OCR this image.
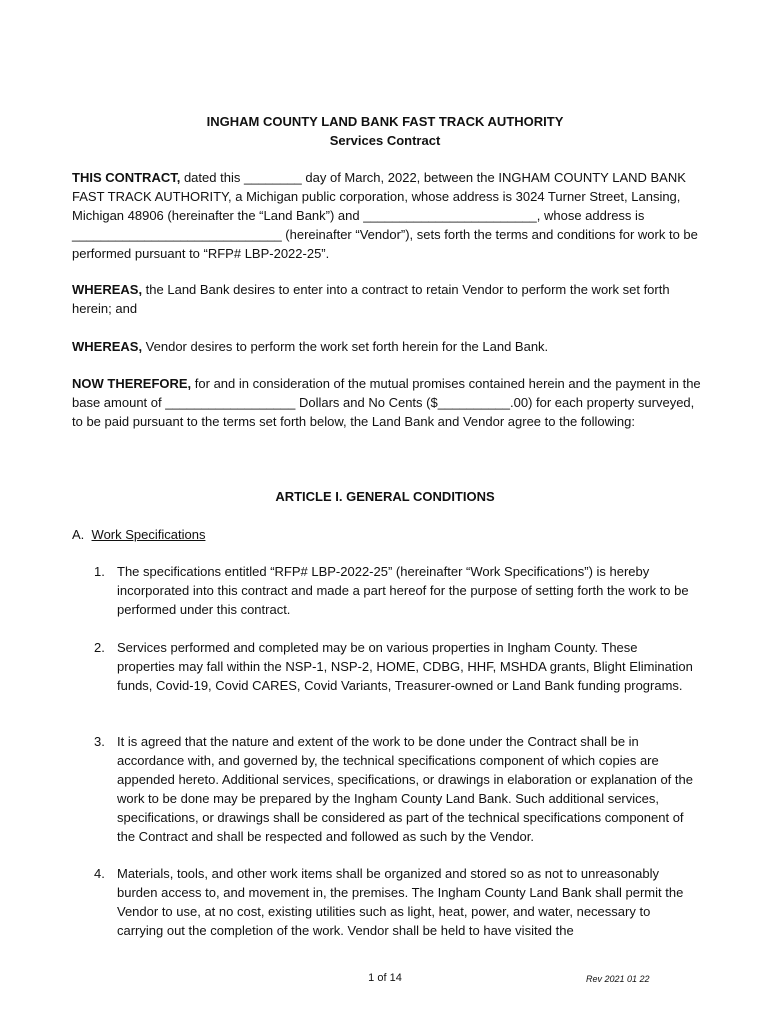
INGHAM COUNTY LAND BANK FAST TRACK AUTHORITY
Services Contract
THIS CONTRACT, dated this ________ day of March, 2022, between the INGHAM COUNTY LAND BANK FAST TRACK AUTHORITY, a Michigan public corporation, whose address is 3024 Turner Street, Lansing, Michigan 48906 (hereinafter the “Land Bank”) and ________________________, whose address is _____________________________ (hereinafter “Vendor”), sets forth the terms and conditions for work to be performed pursuant to “RFP# LBP-2022-25”.
WHEREAS, the Land Bank desires to enter into a contract to retain Vendor to perform the work set forth herein; and
WHEREAS, Vendor desires to perform the work set forth herein for the Land Bank.
NOW THEREFORE, for and in consideration of the mutual promises contained herein and the payment in the base amount of __________________ Dollars and No Cents ($__________.00) for each property surveyed, to be paid pursuant to the terms set forth below, the Land Bank and Vendor agree to the following:
ARTICLE I. GENERAL CONDITIONS
A. Work Specifications
1. The specifications entitled “RFP# LBP-2022-25” (hereinafter “Work Specifications”) is hereby incorporated into this contract and made a part hereof for the purpose of setting forth the work to be performed under this contract.
2. Services performed and completed may be on various properties in Ingham County. These properties may fall within the NSP-1, NSP-2, HOME, CDBG, HHF, MSHDA grants, Blight Elimination funds, Covid-19, Covid CARES, Covid Variants, Treasurer-owned or Land Bank funding programs.
3. It is agreed that the nature and extent of the work to be done under the Contract shall be in accordance with, and governed by, the technical specifications component of which copies are appended hereto. Additional services, specifications, or drawings in elaboration or explanation of the work to be done may be prepared by the Ingham County Land Bank. Such additional services, specifications, or drawings shall be considered as part of the technical specifications component of the Contract and shall be respected and followed as such by the Vendor.
4. Materials, tools, and other work items shall be organized and stored so as not to unreasonably burden access to, and movement in, the premises. The Ingham County Land Bank shall permit the Vendor to use, at no cost, existing utilities such as light, heat, power, and water, necessary to carrying out the completion of the work. Vendor shall be held to have visited the
1 of 14	Rev 2021 01 22
